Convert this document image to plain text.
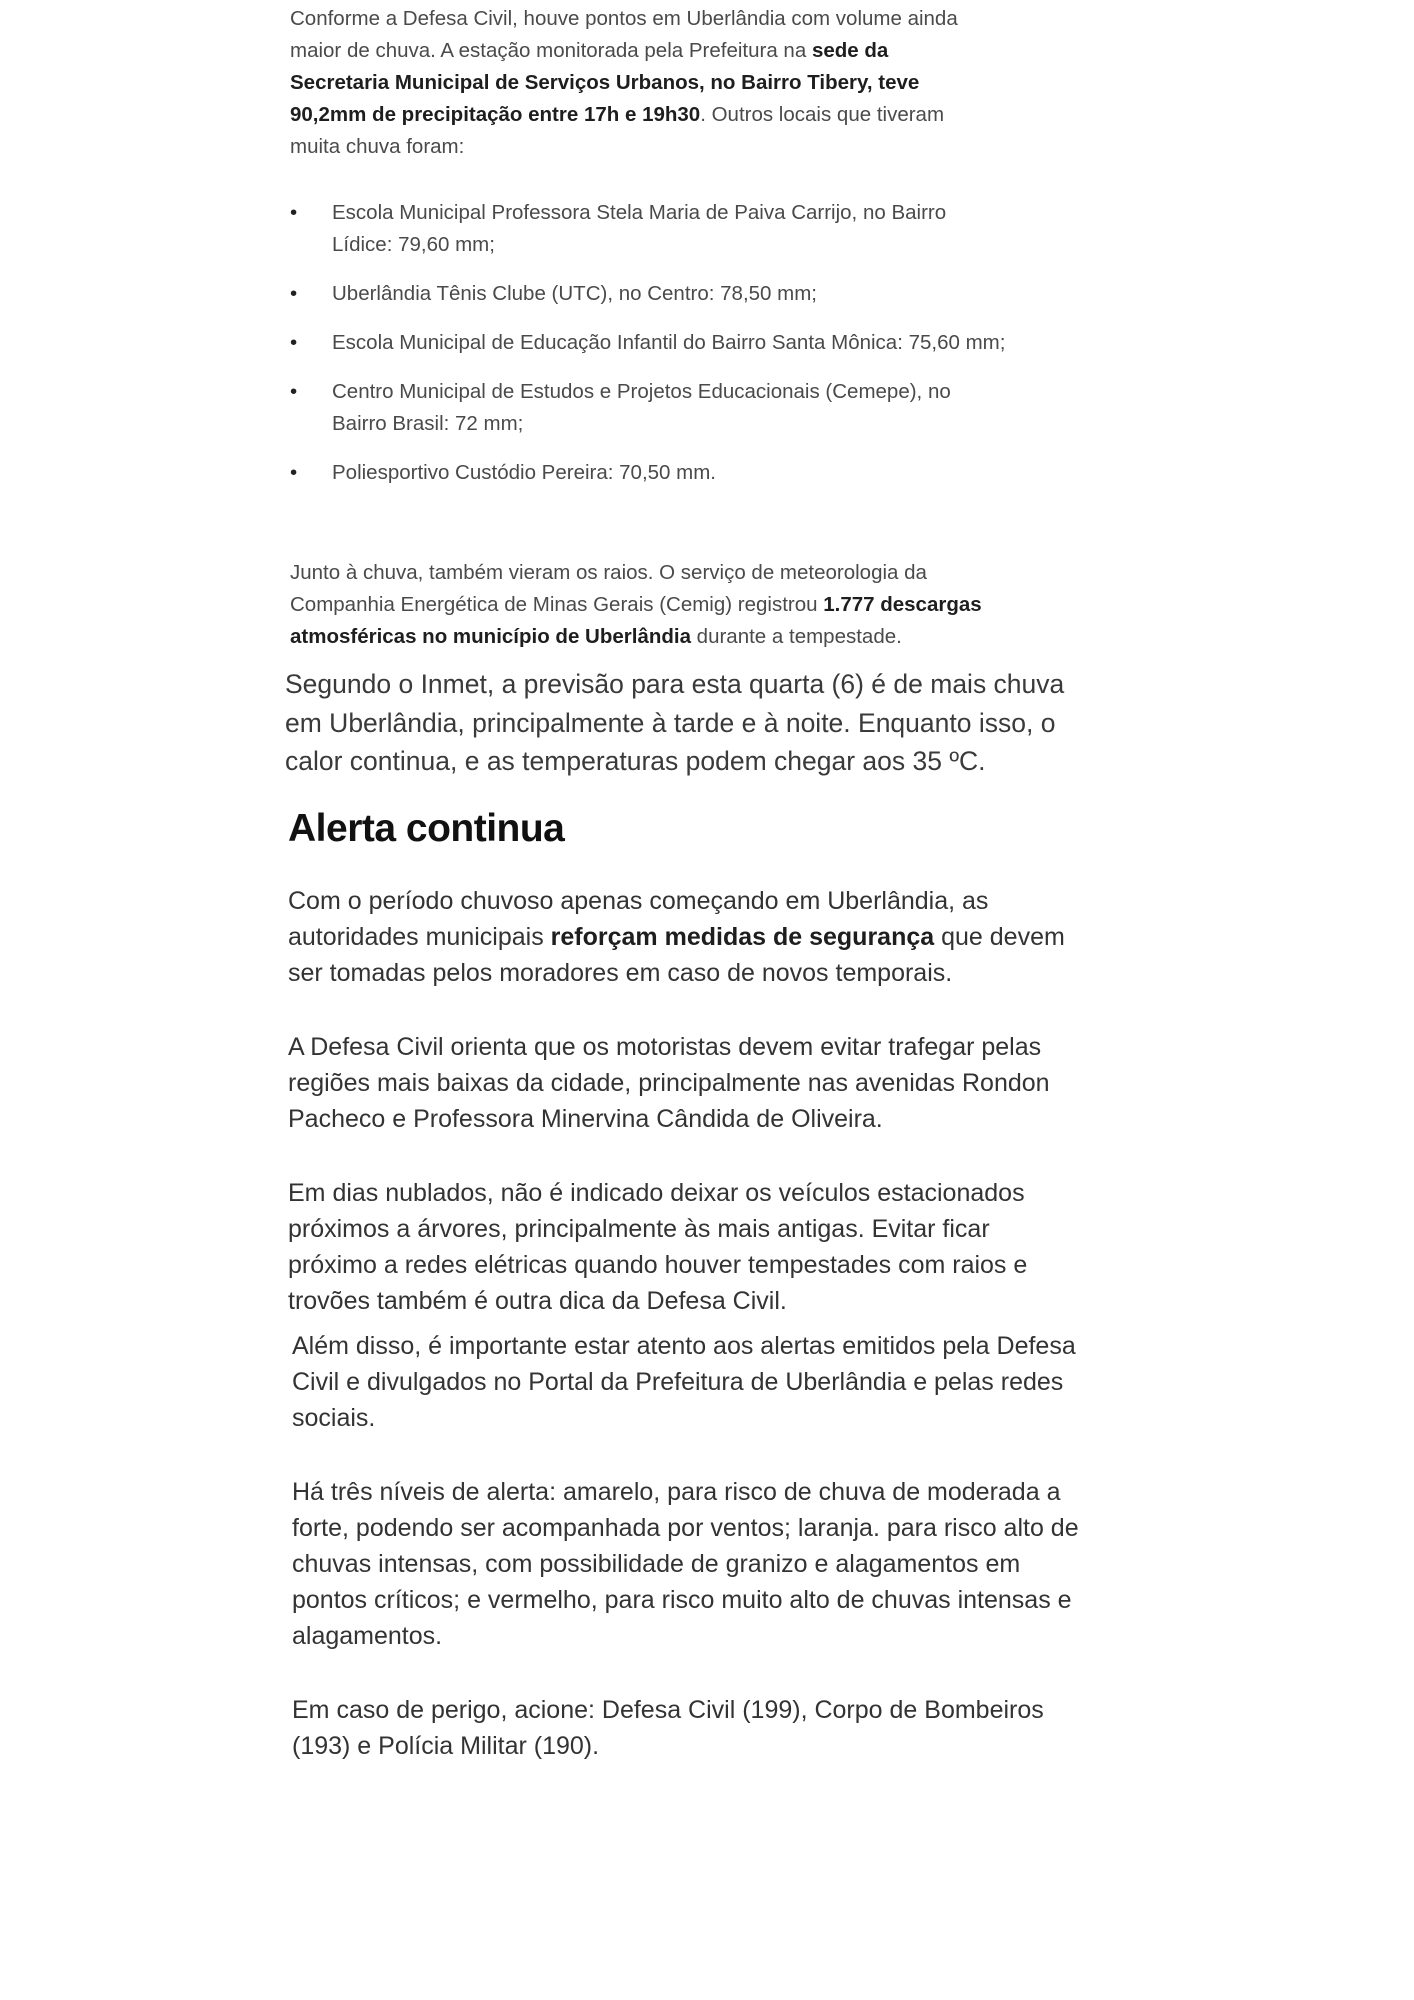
Conforme a Defesa Civil, houve pontos em Uberlândia com volume ainda maior de chuva. A estação monitorada pela Prefeitura na sede da Secretaria Municipal de Serviços Urbanos, no Bairro Tibery, teve 90,2mm de precipitação entre 17h e 19h30. Outros locais que tiveram muita chuva foram:

• Escola Municipal Professora Stela Maria de Paiva Carrijo, no Bairro Lídice: 79,60 mm;
• Uberlândia Tênis Clube (UTC), no Centro: 78,50 mm;
• Escola Municipal de Educação Infantil do Bairro Santa Mônica: 75,60 mm;
• Centro Municipal de Estudos e Projetos Educacionais (Cemepe), no Bairro Brasil: 72 mm;
• Poliesportivo Custódio Pereira: 70,50 mm.

Junto à chuva, também vieram os raios. O serviço de meteorologia da Companhia Energética de Minas Gerais (Cemig) registrou 1.777 descargas atmosféricas no município de Uberlândia durante a tempestade.

Segundo o Inmet, a previsão para esta quarta (6) é de mais chuva em Uberlândia, principalmente à tarde e à noite. Enquanto isso, o calor continua, e as temperaturas podem chegar aos 35 ºC.

Alerta continua

Com o período chuvoso apenas começando em Uberlândia, as autoridades municipais reforçam medidas de segurança que devem ser tomadas pelos moradores em caso de novos temporais.

A Defesa Civil orienta que os motoristas devem evitar trafegar pelas regiões mais baixas da cidade, principalmente nas avenidas Rondon Pacheco e Professora Minervina Cândida de Oliveira.

Em dias nublados, não é indicado deixar os veículos estacionados próximos a árvores, principalmente às mais antigas. Evitar ficar próximo a redes elétricas quando houver tempestades com raios e trovões também é outra dica da Defesa Civil.

Além disso, é importante estar atento aos alertas emitidos pela Defesa Civil e divulgados no Portal da Prefeitura de Uberlândia e pelas redes sociais.

Há três níveis de alerta: amarelo, para risco de chuva de moderada a forte, podendo ser acompanhada por ventos; laranja. para risco alto de chuvas intensas, com possibilidade de granizo e alagamentos em pontos críticos; e vermelho, para risco muito alto de chuvas intensas e alagamentos.

Em caso de perigo, acione: Defesa Civil (199), Corpo de Bombeiros (193) e Polícia Militar (190).
